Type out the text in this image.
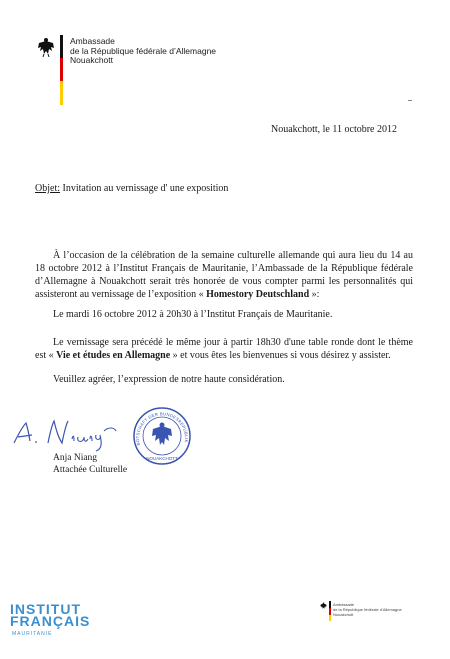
Ambassade
de la République fédérale d’Allemagne
Nouakchott
Nouakchott, le 11 octobre 2012
Objet: Invitation au vernissage d' une exposition
À l’occasion de la célébration de la semaine culturelle allemande qui aura lieu du 14 au 18 octobre 2012 à l’Institut Français de Mauritanie, l’Ambassade de la République fédérale d’Allemagne à Nouakchott serait très honorée de vous compter parmi les personnalités qui assisteront au vernissage de l’exposition « Homestory Deutschland »:
Le mardi 16 octobre 2012 à 20h30 à l’Institut Français de Mauritanie.
Le vernissage sera précédé le même jour à partir 18h30 d'une table ronde dont le thème est « Vie et études en Allemagne » et vous êtes les bienvenues si vous désirez y assister.
Veuillez agréer, l’expression de notre haute considération.
BOTSCHAFT DER BUNDESREPUBLIK
NOUAKCHOTT
Anja Niang
Attachée Culturelle
INSTITUT
FRANÇAIS
MAURITANIE
Ambassade
de la République fédérale d’Allemagne
Nouakchott
